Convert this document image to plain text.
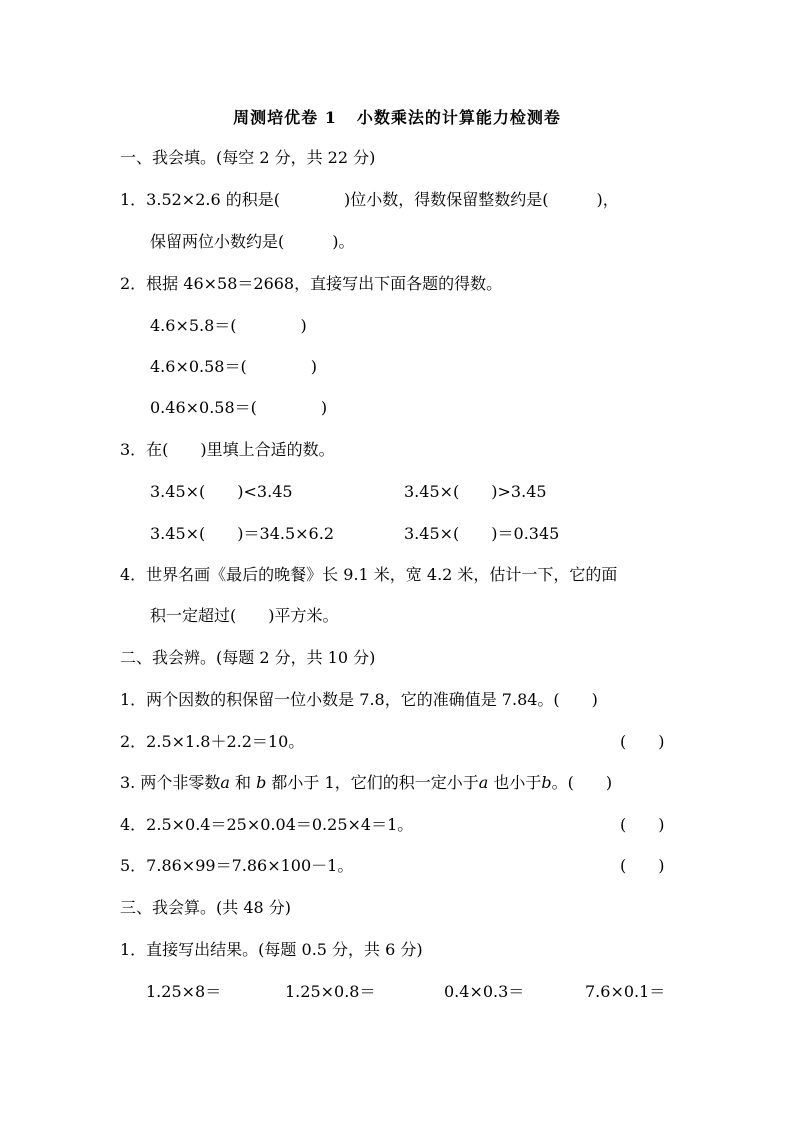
周测培优卷 1 小数乘法的计算能力检测卷
一、我会填。(每空 2 分，共 22 分)
1．3.52×2.6 的积是(　　　　)位小数，得数保留整数约是(　　　)，
保留两位小数约是(　　　)。
2．根据 46×58＝2668，直接写出下面各题的得数。
4.6×5.8＝(　　　　)
4.6×0.58＝(　　　　)
0.46×0.58＝(　　　　)
3．在(　　)里填上合适的数。
3.45×(　　)<3.45	3.45×(　　)>3.45
3.45×(　　)＝34.5×6.2	3.45×(　　)＝0.345
4．世界名画《最后的晚餐》长 9.1 米，宽 4.2 米，估计一下，它的面
积一定超过(　　)平方米。
二、我会辨。(每题 2 分，共 10 分)
1．两个因数的积保留一位小数是 7.8，它的准确值是 7.84。(　　)
2．2.5×1.8＋2.2＝10。	(　　)
3. 两个非零数a 和 b 都小于 1，它们的积一定小于a 也小于b。(　　)
4．2.5×0.4＝25×0.04＝0.25×4＝1。	(　　)
5．7.86×99＝7.86×100－1。	(　　)
三、我会算。(共 48 分)
1．直接写出结果。(每题 0.5 分，共 6 分)
1.25×8＝	1.25×0.8＝	0.4×0.3＝	7.6×0.1＝
